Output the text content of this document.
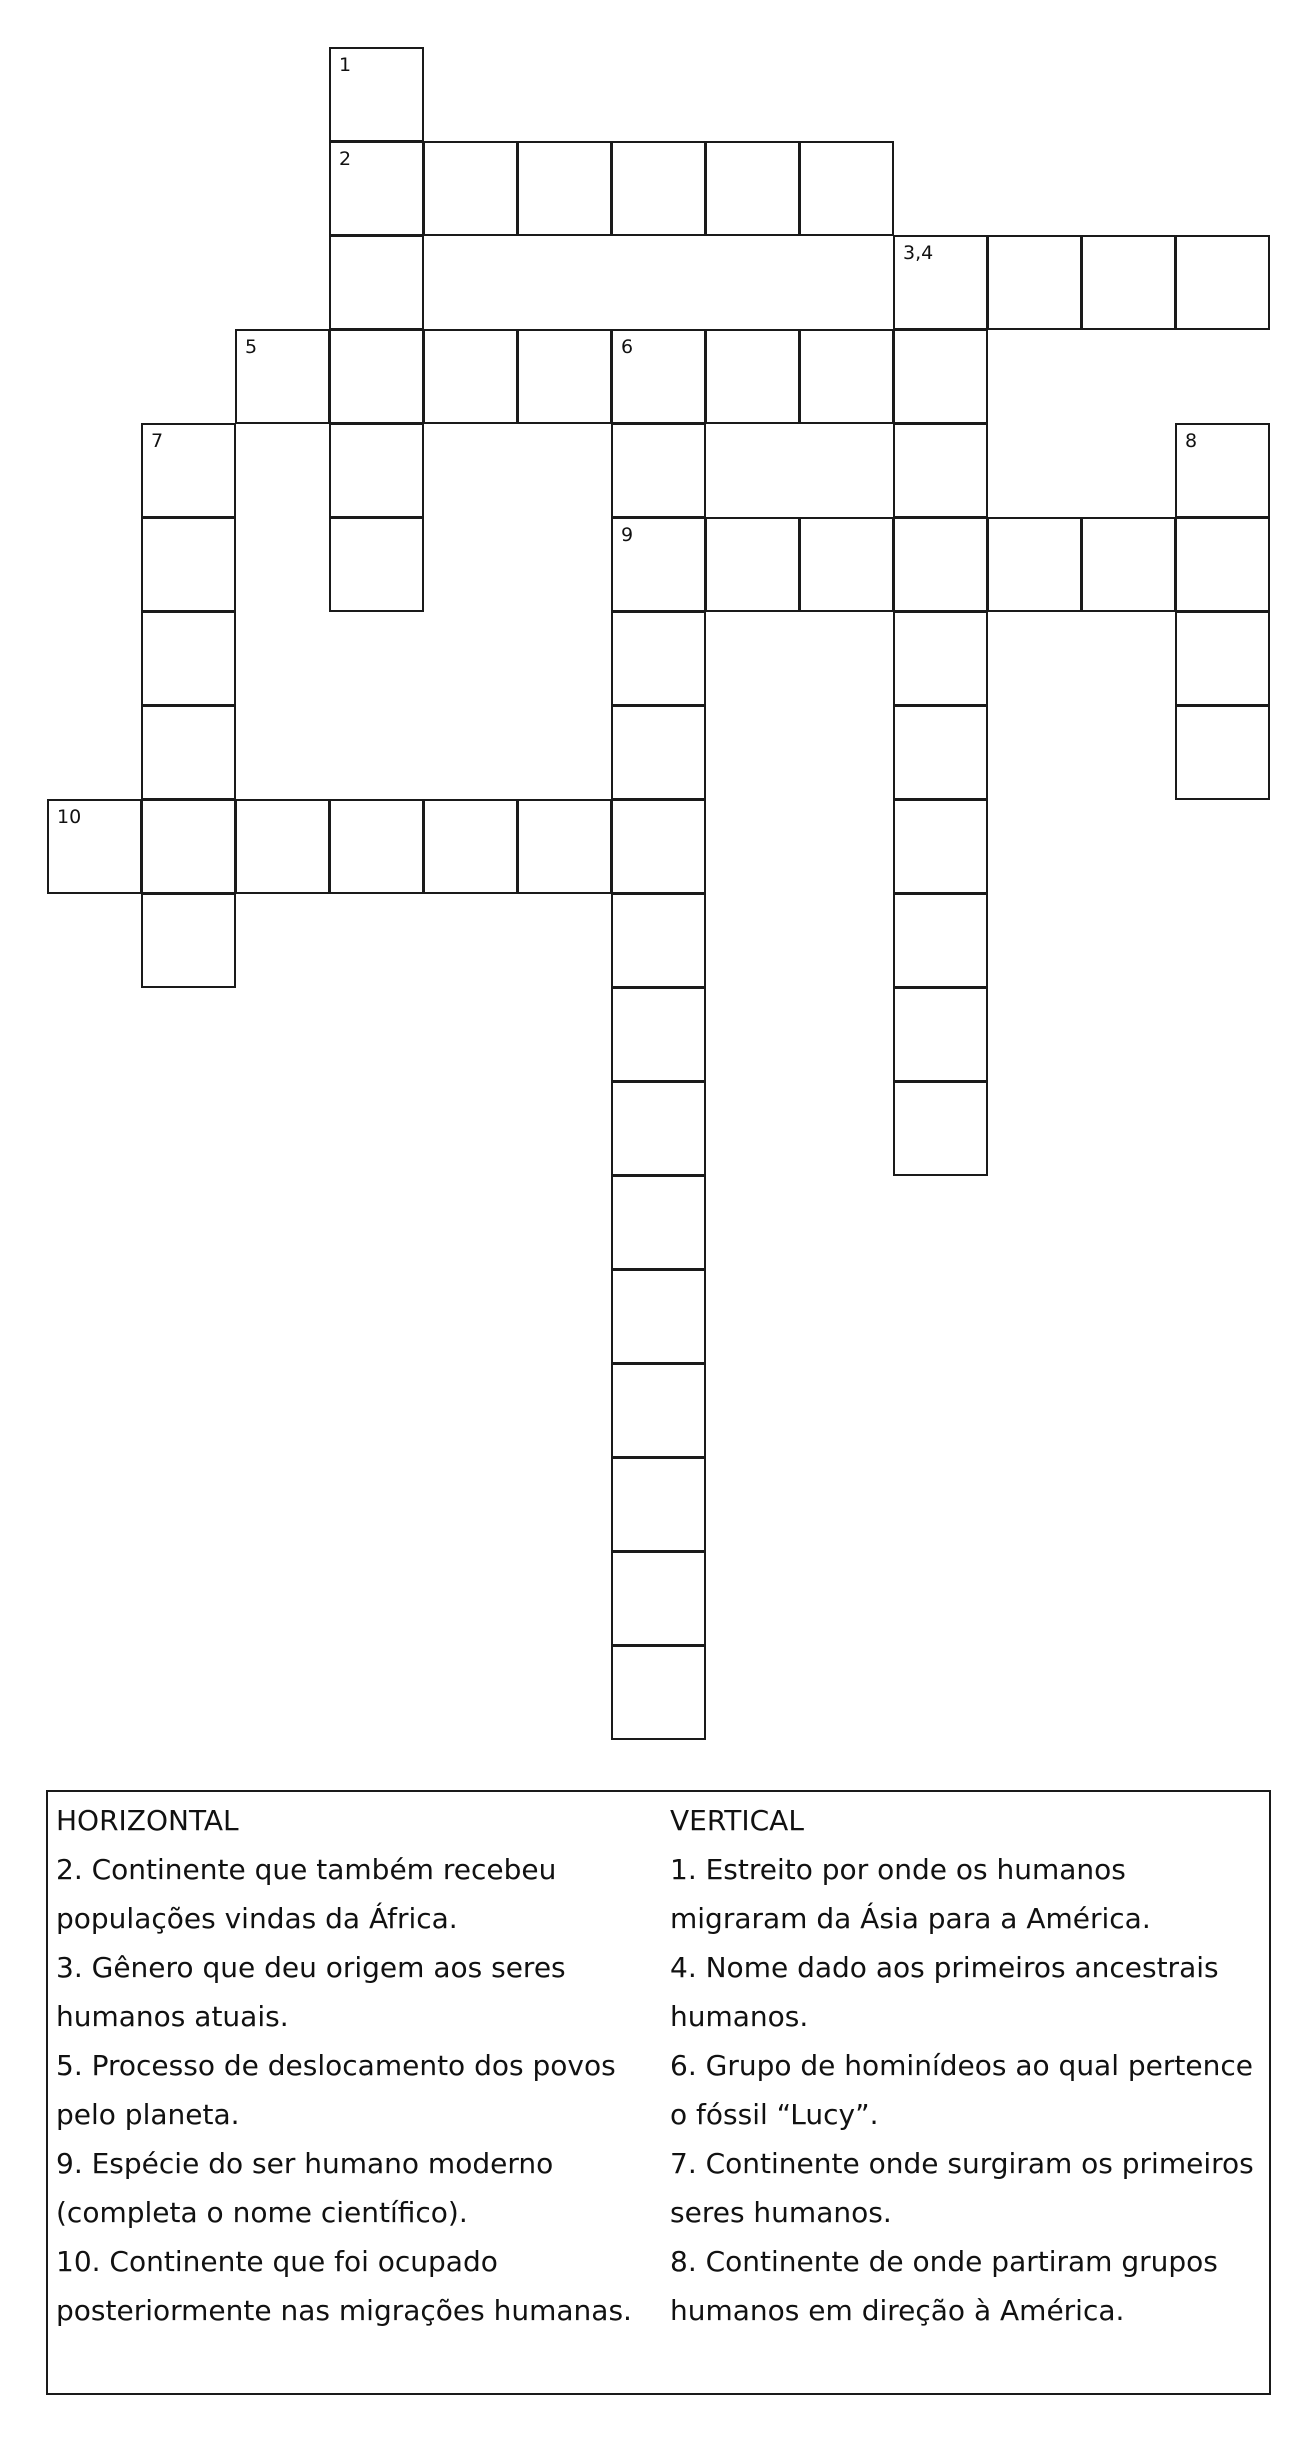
1
2
3,4
5	6
7	8
9
10
HORIZONTAL
2. Continente que também recebeu populações vindas da África.
3. Gênero que deu origem aos seres humanos atuais.
5. Processo de deslocamento dos povos pelo planeta.
9. Espécie do ser humano moderno (completa o nome científico).
10. Continente que foi ocupado posteriormente nas migrações humanas.
VERTICAL
1. Estreito por onde os humanos migraram da Ásia para a América.
4. Nome dado aos primeiros ancestrais humanos.
6. Grupo de hominídeos ao qual pertence o fóssil “Lucy”.
7. Continente onde surgiram os primeiros seres humanos.
8. Continente de onde partiram grupos humanos em direção à América.
